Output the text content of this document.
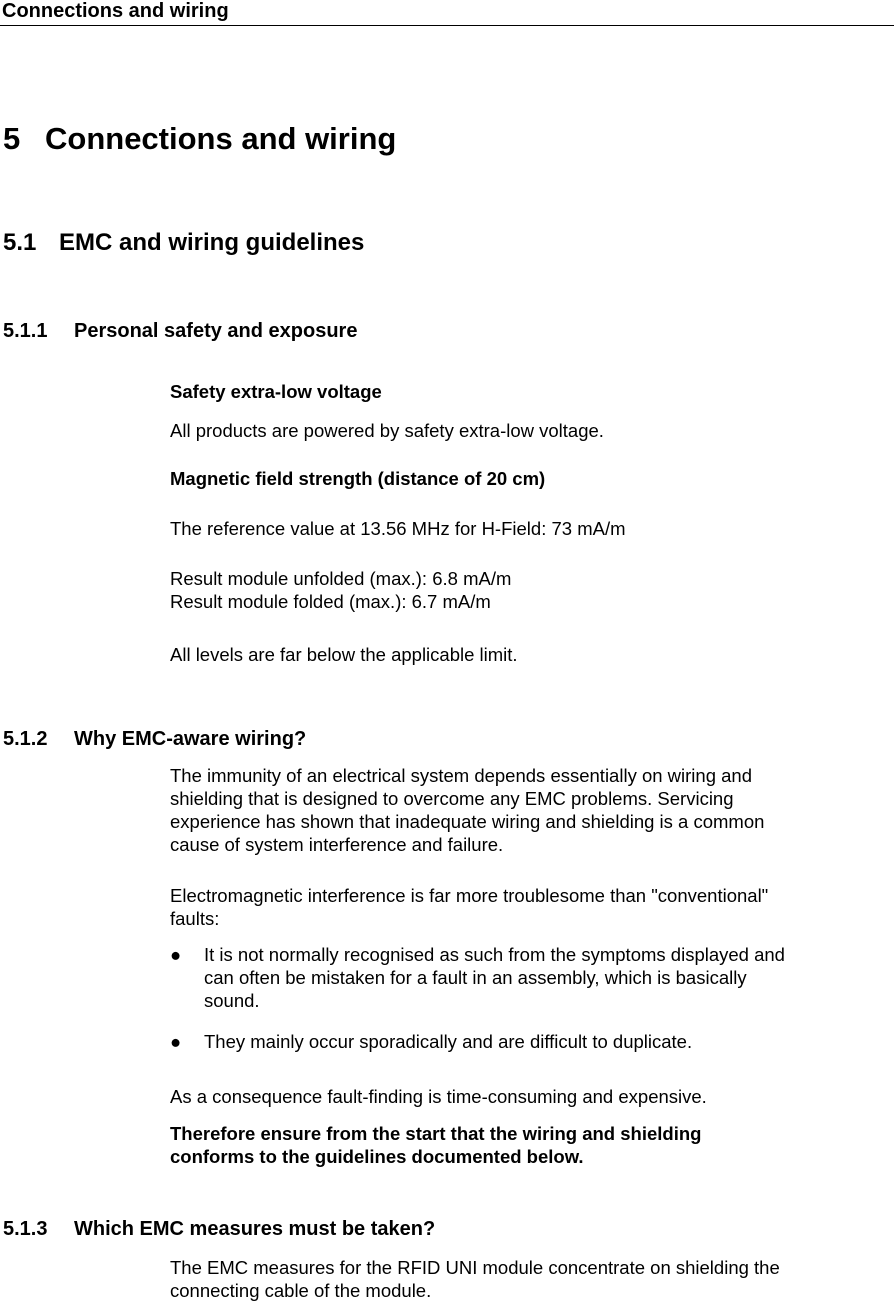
Connections and wiring
5 Connections and wiring
5.1 EMC and wiring guidelines
5.1.1 Personal safety and exposure
Safety extra-low voltage
All products are powered by safety extra-low voltage.
Magnetic field strength (distance of 20 cm)
The reference value at 13.56 MHz for H-Field: 73 mA/m
Result module unfolded (max.): 6.8 mA/m
Result module folded (max.): 6.7 mA/m
All levels are far below the applicable limit.
5.1.2 Why EMC-aware wiring?
The immunity of an electrical system depends essentially on wiring and
shielding that is designed to overcome any EMC problems. Servicing
experience has shown that inadequate wiring and shielding is a common
cause of system interference and failure.
Electromagnetic interference is far more troublesome than "conventional"
faults:
●	It is not normally recognised as such from the symptoms displayed and
can often be mistaken for a fault in an assembly, which is basically
sound.
●	They mainly occur sporadically and are difficult to duplicate.
As a consequence fault-finding is time-consuming and expensive.
Therefore ensure from the start that the wiring and shielding
conforms to the guidelines documented below.
5.1.3 Which EMC measures must be taken?
The EMC measures for the RFID UNI module concentrate on shielding the
connecting cable of the module.
